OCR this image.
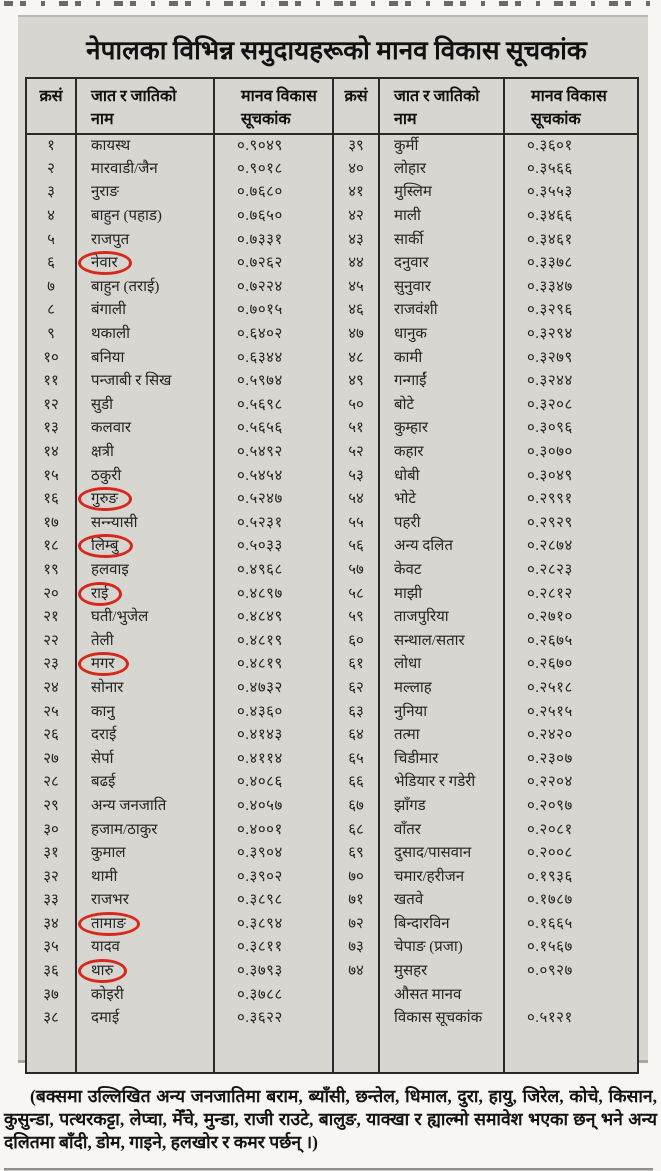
नेपालका विभिन्न समुदायहरूको मानव विकास सूचकांक
क्रसं	जात र जातिको
नाम

मानव विकास
सूचकांक
	क्रसं	जात र जातिको
नाम

मानव विकास
सूचकांक

१	कायस्थ	०.९०४९	३९	कुर्मी	०.३६०१
२	मारवाडी/जैन	०.९०१८	४०	लोहार	०.३५६६
३	नुराङ	०.७६८०	४१	मुस्लिम	०.३५५३
४	बाहुन (पहाड)	०.७६५०	४२	माली	०.३४६६
५	राजपुत	०.७३३१	४३	सार्की	०.३४६१
६	नेवार	०.७२६२	४४	दनुवार	०.३३७८
७	बाहुन (तराई)	०.७२२४	४५	सुनुवार	०.३३४७
८	बंगाली	०.७०१५	४६	राजवंशी	०.३२९६
९	थकाली	०.६४०२	४७	धानुक	०.३२९४
१०	बनिया	०.६३४४	४८	कामी	०.३२७९
११	पन्जाबी र सिख	०.५९७४	४९	गन्गाईं	०.३२४४
१२	सुडी	०.५६९८	५०	बोटे	०.३२०८
१३	कलवार	०.५६५६	५१	कुम्हार	०.३०९६
१४	क्षत्री	०.५४९२	५२	कहार	०.३०७०
१५	ठकुरी	०.५४५४	५३	धोबी	०.३०४९
१६	गुरुङ	०.५२४७	५४	भोटे	०.२९९१
१७	सन्न्यासी	०.५२३१	५५	पहरी	०.२९२९
१८	लिम्बु	०.५०३३	५६	अन्य दलित	०.२८७४
१९	हलवाइ	०.४९६८	५७	केवट	०.२८२३
२०	राई	०.४८९७	५८	माझी	०.२८१२
२१	घती/भुजेल	०.४८४९	५९	ताजपुरिया	०.२७१०
२२	तेली	०.४८१९	६०	सन्थाल/सतार	०.२६७५
२३	मगर	०.४८१९	६१	लोधा	०.२६७०
२४	सोनार	०.४७३२	६२	मल्लाह	०.२५१८
२५	कानु	०.४३६०	६३	नुनिया	०.२५१५
२६	दराई	०.४१४३	६४	तत्मा	०.२४२०
२७	सेर्पा	०.४११४	६५	चिडीमार	०.२३०७
२८	बढई	०.४०८६	६६	भेडियार र गडेरी	०.२२०४
२९	अन्य जनजाति	०.४०५७	६७	झाँगड	०.२०९७
३०	हजाम/ठाकुर	०.४००१	६८	वाँतर	०.२०८१
३१	कुमाल	०.३९०४	६९	दुसाद/पासवान	०.२००८
३२	थामी	०.३९०२	७०	चमार/हरीजन	०.१९३६
३३	राजभर	०.३८९८	७१	खतवे	०.१७८७
३४	तामाङ	०.३८९४	७२	बिन्दारविन	०.१६६५
३५	यादव	०.३८११	७३	चेपाङ (प्रजा)	०.१५६७
३६	थारु	०.३७९३	७४	मुसहर	०.०९२७
३७	कोइरी	०.३७८८		औसत मानव	
३८	दमाई	०.३६२२		विकास सूचकांक	०.५१२१

(बक्समा उल्लिखित अन्य जनजातिमा बराम, ब्याँसी, छन्तेल, धिमाल, दुरा, हायु, जिरेल, कोचे, किसान, कुसुन्डा, पत्थरकट्टा, लेप्चा, मेँचे, मुन्डा, राजी राउटे, बालुङ, याक्खा र ह्याल्मो समावेश भएका छन् भने अन्य दलितमा बाँदी, डोम, गाइने, हलखोर र कमर पर्छन् ।)
